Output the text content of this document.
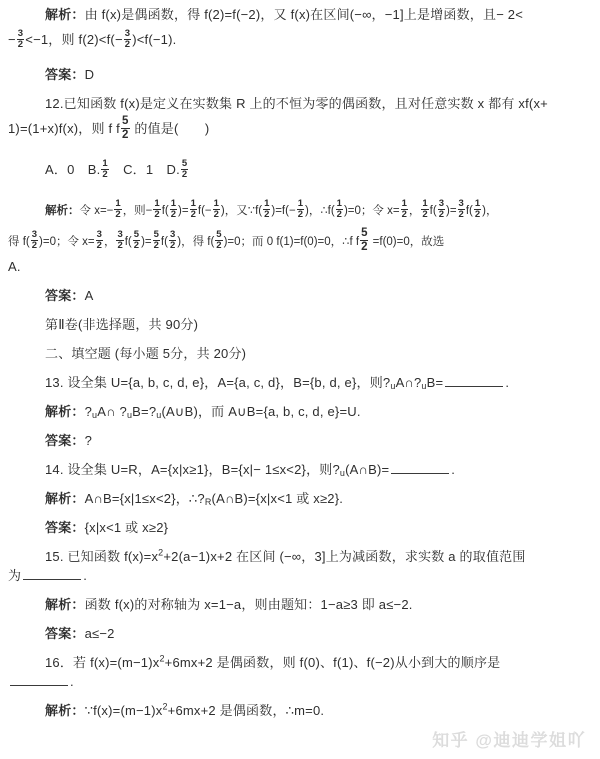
解析：由 f(x)是偶函数，得 f(2)=f(−2)，又 f(x)在区间(−∞，−1]上是增函数，且− 2<
− $\frac{3}{2} <-1$，则 $f(2)<f(- \frac{3}{2} )<f(-1)$.
答案：D
12.已知函数 f(x)是定义在实数集 R 上的不恒为零的偶函数，且对任意实数 x 都有 xf(x+
1)=(1+x)f(x)，则 f f $\frac{5}{2}$ 的值是(　　)
A．0　B. $\frac{1}{2}$ 　C．1　D. $\frac{5}{2}$
解析：令 $x=- \frac{1}{2}$ ，则− $\frac{1}{2} f( \frac{1}{2}$ )= $\frac{1}{2} f(- \frac{1}{2}$ )，又∵f( $\frac{1}{2} )=f(- \frac{1}{2}$ )，∴f( $\frac{1}{2} )=0$；令 $x= \frac{1}{2}$ ， $\frac{1}{2} f( \frac{3}{2}$ )= $\frac{3}{2} f( \frac{1}{2}$ )，
得 $f( \frac{3}{2} )=0$；令 $x= \frac{3}{2}$ ， $\frac{3}{2} f( \frac{5}{2}$ )= $\frac{5}{2} f( \frac{3}{2}$ )，得 $f( \frac{5}{2} )=0$；而 0 f(1)=f(0)=0，∴f f $\frac{5}{2} =f(0)=0$，故选
A.
答案：A
第Ⅱ卷(非选择题，共 90分)
二、填空题 (每小题 5分，共 20分)
13. 设全集 U={a, b, c, d, e}，A={a, c, d}，B={b, d, e}，则$?_uA\cap?_uB=$	.
解析：$?_uA\cap$ $?_uB=?_u(A\cup B)$，而 A∪B={a, b, c, d, e}=U.
答案：?
14. 设全集 U=R，A={x|x≥1}，B={x|− 1≤x<2}，则$?_u(A\cap B)=$	.
解析：A∩B={x|1≤x<2}，$\therefore?_R(A\cap B)=\{x|x<1$ 或 x≥2}.
答案：{x|x<1 或 x≥2}
15. 已知函数 $f(x)=x^2+2(a-1)x+2$ 在区间 (−∞，3]上为减函数，求实数 a 的取值范围
为	.
解析：函数 f(x)的对称轴为 x=1−a，则由题知：1−a≥3 即 a≤−2.
答案：a≤−2
16．若 $f(x)=(m-1)x^2+6mx+2$ 是偶函数，则 f(0)、f(1)、f(−2)从小到大的顺序是
.
解析：$\because f(x)=(m-1)x^2+6mx+2$ 是偶函数，∴m=0.
知乎 @迪迪学姐吖
